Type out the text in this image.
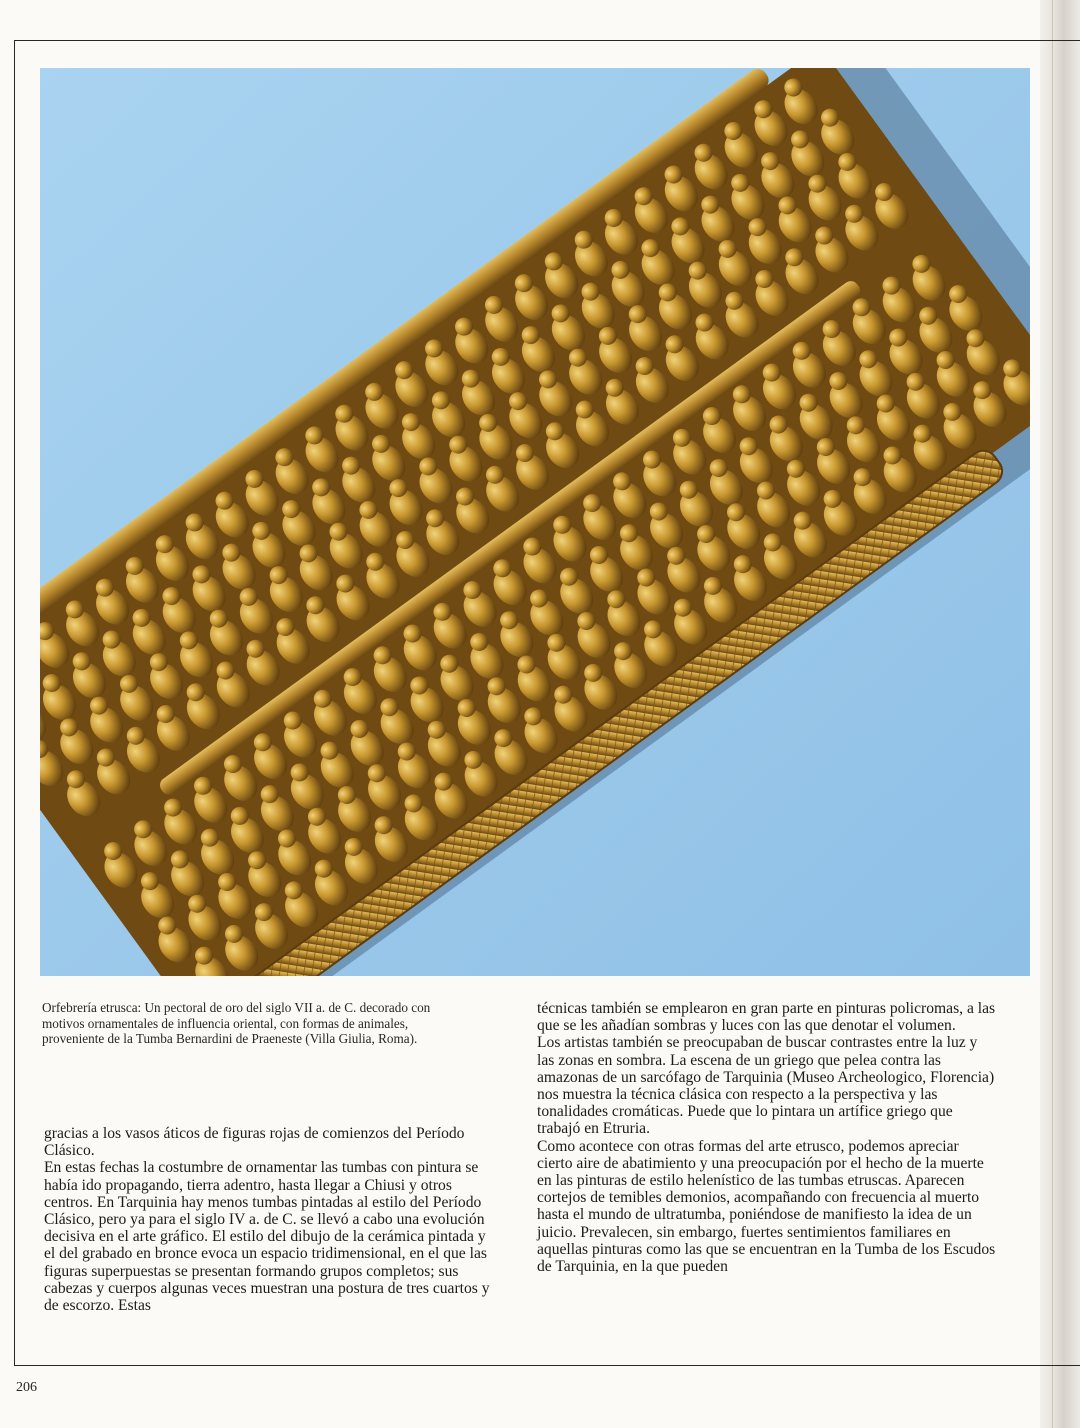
Orfebrería etrusca: Un pectoral de oro del siglo VII a. de C. decorado con motivos ornamentales de influencia oriental, con formas de animales, proveniente de la Tumba Bernardini de Praeneste (Villa Giulia, Roma).

gracias a los vasos áticos de figuras rojas de comienzos del Período Clásico.

En estas fechas la costumbre de ornamentar las tumbas con pintura se había ido propagando, tierra adentro, hasta llegar a Chiusi y otros centros. En Tarquinia hay menos tumbas pintadas al estilo del Período Clásico, pero ya para el siglo IV a. de C. se llevó a cabo una evolución decisiva en el arte gráfico. El estilo del dibujo de la cerámica pintada y el del grabado en bronce evoca un espacio tridimensional, en el que las figuras superpuestas se presentan formando grupos completos; sus cabezas y cuerpos algunas veces muestran una postura de tres cuartos y de escorzo. Estas

técnicas también se emplearon en gran parte en pinturas policromas, a las que se les añadían sombras y luces con las que denotar el volumen.

Los artistas también se preocupaban de buscar contrastes entre la luz y las zonas en sombra. La escena de un griego que pelea contra las amazonas de un sarcófago de Tarquinia (Museo Archeologico, Florencia) nos muestra la técnica clásica con respecto a la perspectiva y las tonalidades cromáticas. Puede que lo pintara un artífice griego que trabajó en Etruria.

Como acontece con otras formas del arte etrusco, podemos apreciar cierto aire de abatimiento y una preocupación por el hecho de la muerte en las pinturas de estilo helenístico de las tumbas etruscas. Aparecen cortejos de temibles demonios, acompañando con frecuencia al muerto hasta el mundo de ultratumba, poniéndose de manifiesto la idea de un juicio. Prevalecen, sin embargo, fuertes sentimientos familiares en aquellas pinturas como las que se encuentran en la Tumba de los Escudos de Tarquinia, en la que pueden

206
